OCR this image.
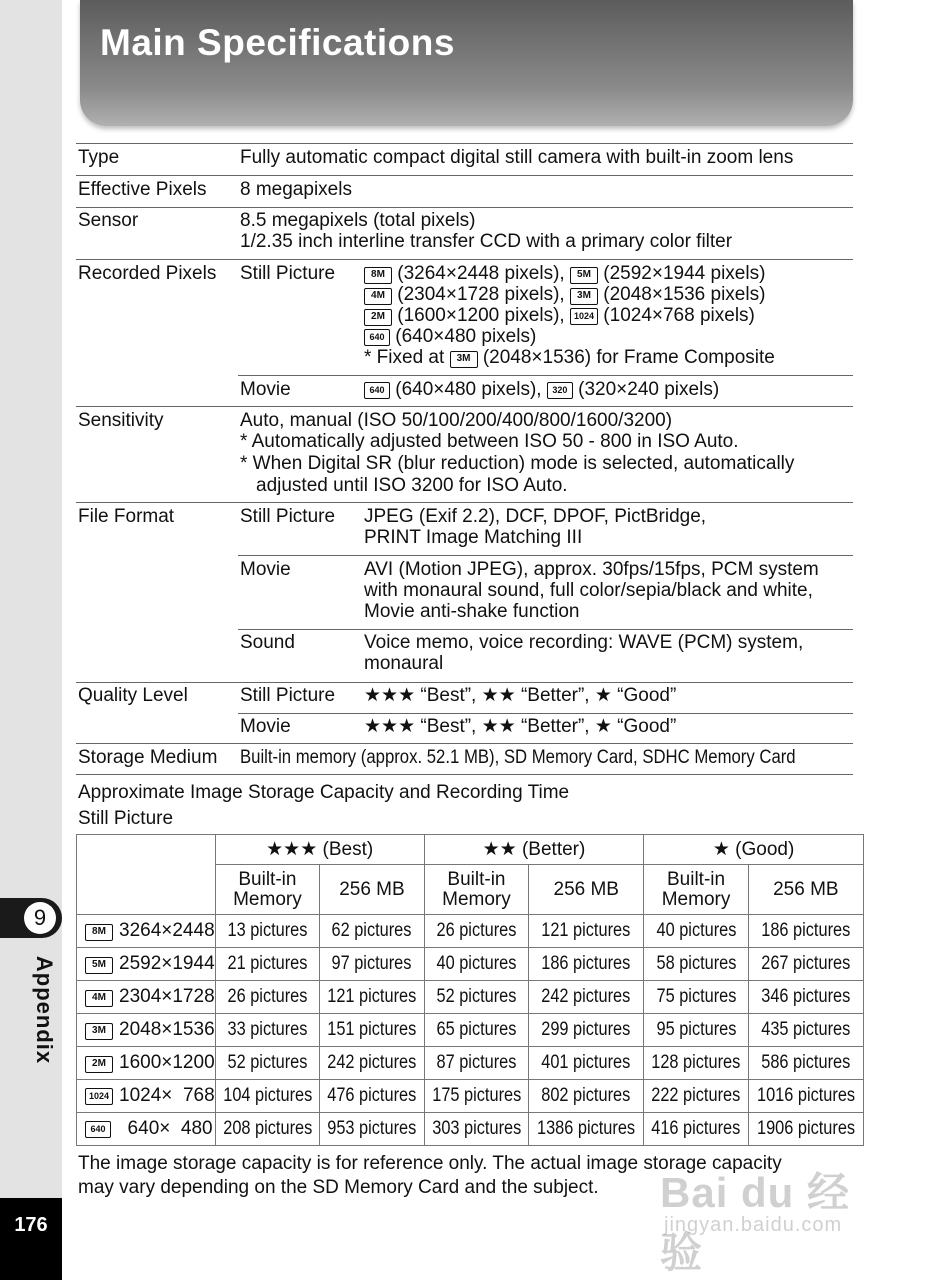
9
Appendix
176
Main Specifications
Type	Fully automatic compact digital still camera with built-in zoom lens
Effective Pixels 8 megapixels
Sensor	8.5 megapixels (total pixels)
1/2.35 inch interline transfer CCD with a primary color filter
Recorded Pixels Still Picture	8M (3264×2448 pixels), 5M (2592×1944 pixels)
4M (2304×1728 pixels), 3M (2048×1536 pixels)
2M (1600×1200 pixels), 1024 (1024×768 pixels)
640 (640×480 pixels)
* Fixed at 3M (2048×1536) for Frame Composite
Movie	640 (640×480 pixels), 320 (320×240 pixels)
Sensitivity	Auto, manual (ISO 50/100/200/400/800/1600/3200)
* Automatically adjusted between ISO 50 - 800 in ISO Auto.
* When Digital SR (blur reduction) mode is selected, automatically
adjusted until ISO 3200 for ISO Auto.
File Format	Still Picture JPEG (Exif 2.2), DCF, DPOF, PictBridge,
PRINT Image Matching III
Movie	AVI (Motion JPEG), approx. 30fps/15fps, PCM system
with monaural sound, full color/sepia/black and white,
Movie anti-shake function
Sound	Voice memo, voice recording: WAVE (PCM) system,
monaural
Quality Level	Still Picture ★★★ “Best”, ★★ “Better”, ★ “Good”
Movie	★★★ “Best”, ★★ “Better”, ★ “Good”
Storage Medium Built-in memory (approx. 52.1 MB), SD Memory Card, SDHC Memory Card
Approximate Image Storage Capacity and Recording Time
Still Picture
	★★★ (Best)		★★ (Better)		★ (Good)	
	Built-in
Memory	256 MB	Built-in
Memory	256 MB	Built-in
Memory	256 MB
8M 3264×2448	13 pictures	62 pictures	26 pictures	121 pictures	40 pictures	186 pictures
5M 2592×1944	21 pictures	97 pictures	40 pictures	186 pictures	58 pictures	267 pictures
4M 2304×1728	26 pictures	121 pictures	52 pictures	242 pictures	75 pictures	346 pictures
3M 2048×1536	33 pictures	151 pictures	65 pictures	299 pictures	95 pictures	435 pictures
2M 1600×1200	52 pictures	242 pictures	87 pictures	401 pictures	128 pictures	586 pictures
1024 1024×  768	104 pictures	476 pictures	175 pictures	802 pictures	222 pictures	1016 pictures
640  640×  480	208 pictures	953 pictures	303 pictures	1386 pictures	416 pictures	1906 pictures
The image storage capacity is for reference only. The actual image storage capacity
may vary depending on the SD Memory Card and the subject. Bai du 经验
jingyan.baidu.com
